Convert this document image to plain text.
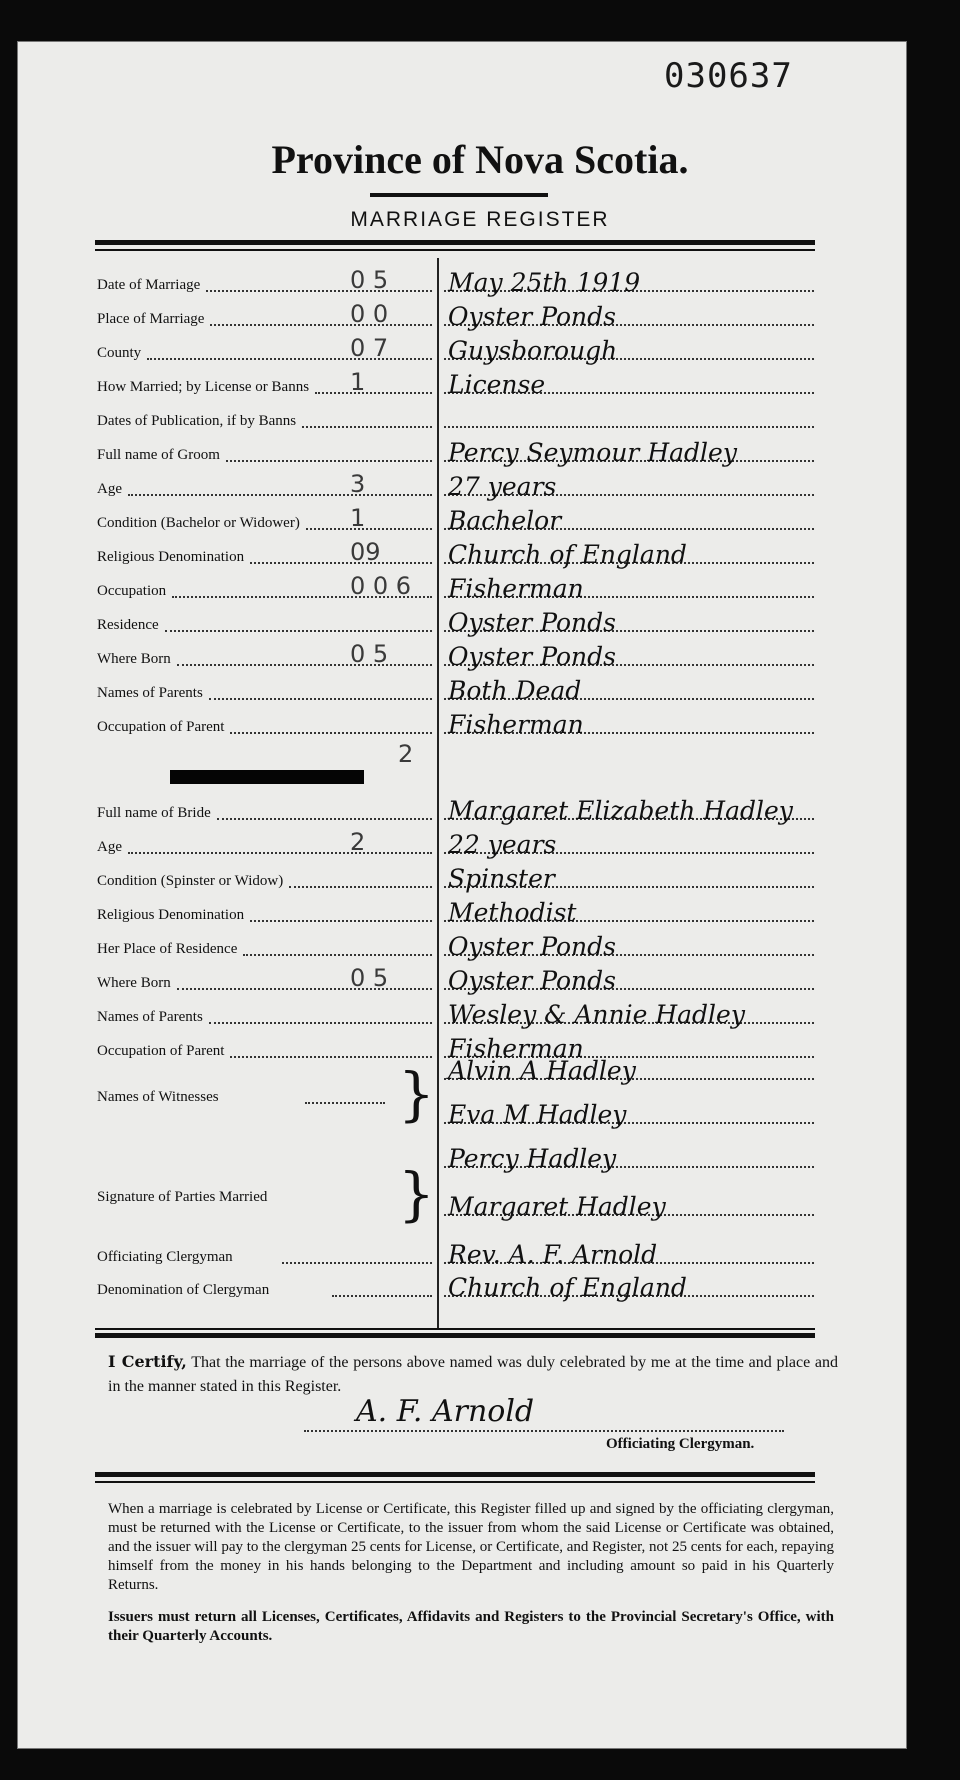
030637
Province of Nova Scotia.
MARRIAGE REGISTER
Date of Marriage	0 5 May 25th 1919
Place of Marriage	0 0 Oyster Ponds
County	0 7 Guysborough
How Married; by License or Banns 1	License
Dates of Publication, if by Banns
Full name of Groom	Percy Seymour Hadley
Age	3	27 years
Condition (Bachelor or Widower) 1	Bachelor
Religious Denomination	09	Church of England
Occupation	0 0 6 Fisherman
Residence	Oyster Ponds
Where Born	0 5 Oyster Ponds
Names of Parents	Both Dead
Occupation of Parent	Fisherman
2
Full name of Bride	Margaret Elizabeth Hadley
Age	2	22 years
Condition (Spinster or Widow)	Spinster
Religious Denomination	Methodist
Her Place of Residence	Oyster Ponds
Where Born	0 5 Oyster Ponds
Names of Parents	Wesley & Annie Hadley
Occupation of Parent	Fisherman
Names of Witnesses	} Alvin A Hadley
Eva M Hadley
Signature of Parties Married }
Percy Hadley
Margaret Hadley
Officiating Clergyman	Rev. A. F. Arnold
Denomination of Clergyman	Church of England
I Certify, That the marriage of the persons above named was duly celebrated by me at the time and place and in the manner stated in this Register.
A. F. Arnold
Officiating Clergyman.
When a marriage is celebrated by License or Certificate, this Register filled up and signed by the officiating clergyman, must be returned with the License or Certificate, to the issuer from whom the said License or Certificate was obtained, and the issuer will pay to the clergyman 25 cents for License, or Certificate, and Register, not 25 cents for each, repaying himself from the money in his hands belonging to the Department and including amount so paid in his Quarterly Returns.
Issuers must return all Licenses, Certificates, Affidavits and Registers to the Provincial Secretary's Office, with their Quarterly Accounts.
